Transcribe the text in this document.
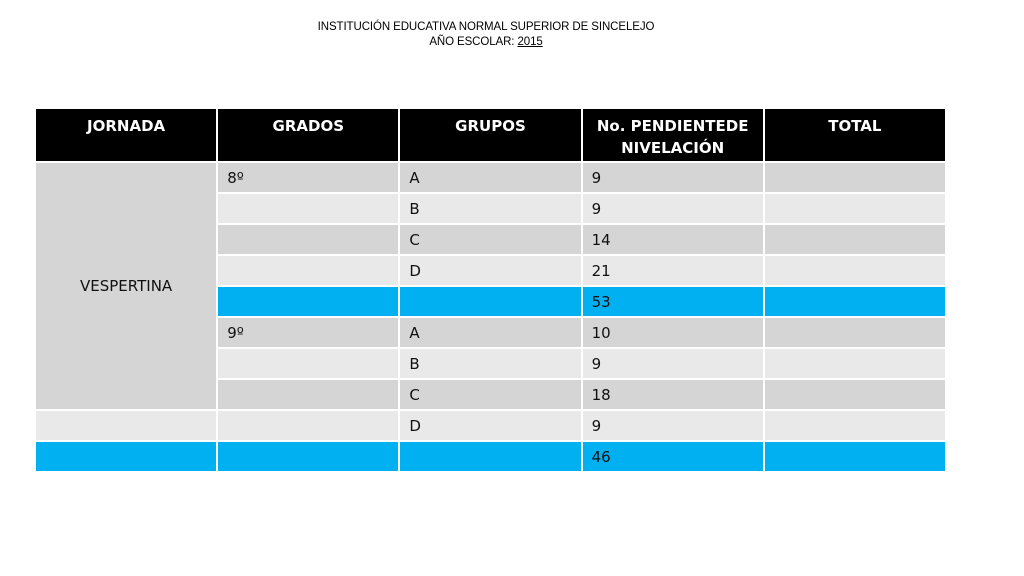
INSTITUCIÓN EDUCATIVA NORMAL SUPERIOR DE SINCELEJO
AÑO ESCOLAR: 2015
JORNADA	GRADOS	GRUPOS	No. PENDIENTEDE NIVELACIÓN	TOTAL
VESPERTINA	8º	A	9	
		B	9	
		C	14	
		D	21	
			53	
	9º	A	10	
		B	9	
		C	18	
		D	9	
			46	
